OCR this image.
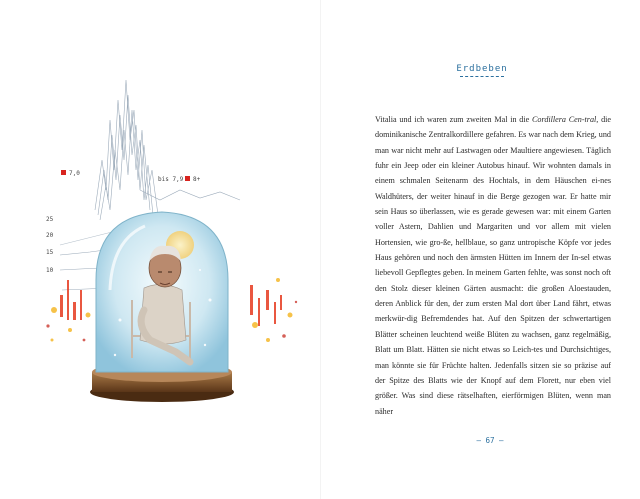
7,0
bis 7,9 8+
25
20
15
10
Erdbeben

Vitalia und ich waren zum zweiten Mal in die Cordillera Cen-tral, die dominikanische Zentralkordillere gefahren. Es war nach dem Krieg, und man war nicht mehr auf Lastwagen oder Maultiere angewiesen. Täglich fuhr ein Jeep oder ein kleiner Autobus hinauf. Wir wohnten damals in einem schmalen Seitenarm des Hochtals, in dem Häuschen ei-nes Waldhüters, der weiter hinauf in die Berge gezogen war. Er hatte mir sein Haus so überlassen, wie es gerade gewesen war: mit einem Garten voller Astern, Dahlien und Margariten und vor allem mit vielen Hortensien, wie gro-ße, hellblaue, so ganz untropische Köpfe vor jedes Haus gehören und noch den ärmsten Hütten im Innern der In-sel etwas liebevoll Gepflegtes geben. In meinem Garten fehlte, was sonst noch oft den Stolz dieser kleinen Gärten ausmacht: die großen Aloestauden, deren Anblick für den, der zum ersten Mal dort über Land fährt, etwas merkwür-dig Befremdendes hat. Auf den Spitzen der schwertartigen Blätter scheinen leuchtend weiße Blüten zu wachsen, ganz regelmäßig, Blatt um Blatt. Hätten sie nicht etwas so Leich-tes und Durchsichtiges, man könnte sie für Früchte halten. Jedenfalls sitzen sie so präzise auf der Spitze des Blatts wie der Knopf auf dem Florett, nur eben viel größer. Was sind diese rätselhaften, eierförmigen Blüten, wenn man näher

– 67 –
